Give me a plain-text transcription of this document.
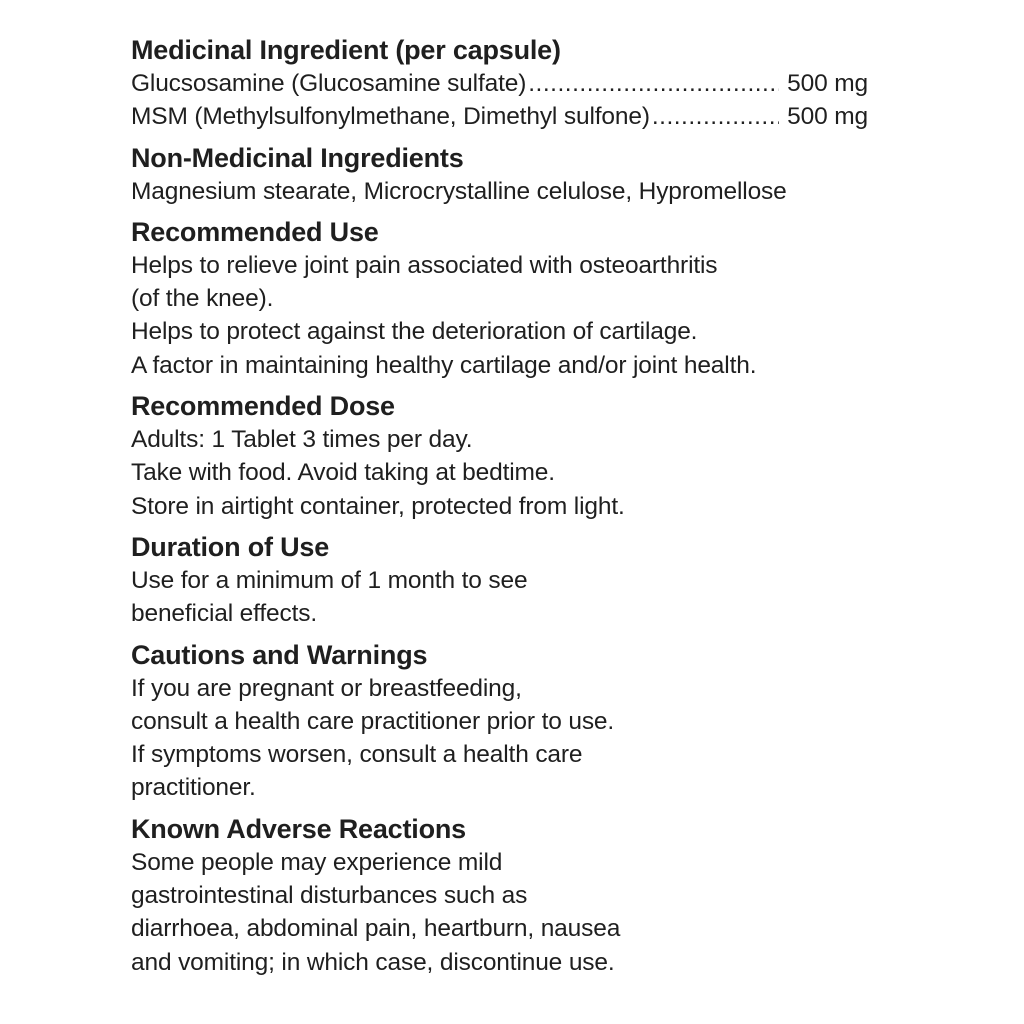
Medicinal Ingredient (per capsule)

Glucsosamine (Glucosamine sulfate) .....	500 mg
MSM (Methylsulfonylmethane, Dimethyl sulfone) .....	500 mg

Non-Medicinal Ingredients

Magnesium stearate, Microcrystalline celulose, Hypromellose

Recommended Use

Helps to relieve joint pain associated with osteoarthritis

(of the knee).

Helps to protect against the deterioration of cartilage.

A factor in maintaining healthy cartilage and/or joint health.

Recommended Dose

Adults: 1 Tablet 3 times per day.

Take with food. Avoid taking at bedtime.

Store in airtight container, protected from light.

Duration of Use

Use for a minimum of 1 month to see

beneficial effects.

Cautions and Warnings

If you are pregnant or breastfeeding,

consult a health care practitioner prior to use.

If symptoms worsen, consult a health care

practitioner.

Known Adverse Reactions

Some people may experience mild

gastrointestinal disturbances such as

diarrhoea, abdominal pain, heartburn, nausea

and vomiting; in which case, discontinue use.
